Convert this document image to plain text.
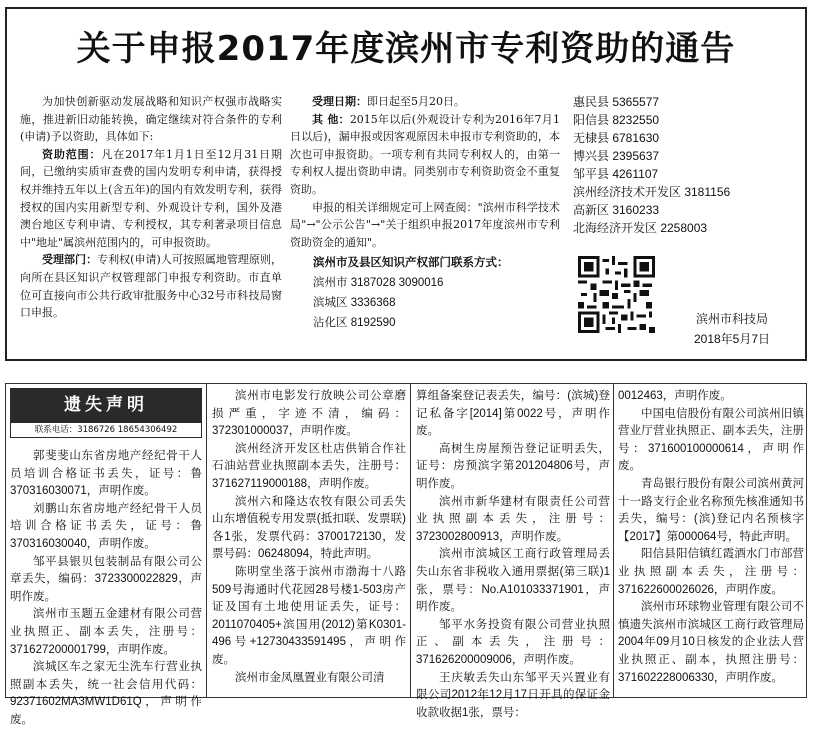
关于申报2017年度滨州市专利资助的通告

为加快创新驱动发展战略和知识产权强市战略实施，推进新旧动能转换，确定继续对符合条件的专利(申请)予以资助，具体如下:

资助范围：凡在2017年1月1日至12月31日期间，已缴纳实质审查费的国内发明专利申请，获得授权并维持五年以上(含五年)的国内有效发明专利，获得授权的国内实用新型专利、外观设计专利，国外及港澳台地区专利申请、专利授权，其专利著录项目信息中"地址"属滨州范围内的，可申报资助。

受理部门：专利权(申请)人可按照属地管理原则，向所在县区知识产权管理部门申报专利资助。市直单位可直接向市公共行政审批服务中心32号市科技局窗口申报。

受理日期：即日起至5月20日。

其 他：2015年以后(外观设计专利为2016年7月1日以后)，漏申报或因客观原因未申报市专利资助的，本次也可申报资助。一项专利有共同专利权人的，由第一专利权人提出资助申请。同类别市专利资助资金不重复资助。

申报的相关详细规定可上网查阅："滨州市科学技术局"→"公示公告"→"关于组织申报2017年度滨州市专利资助资金的通知"。

滨州市及县区知识产权部门联系方式：
滨州市 3187028 3090016
滨城区 3336368
沾化区 8192590
惠民县 5365577
阳信县 8232550
无棣县 6781630
博兴县 2395637
邹平县 4261107
滨州经济技术开发区 3181156
高新区 3160233
北海经济开发区 2258003
滨州市科技局
2018年5月7日
遗失声明
联系电话：3186726 18654306492
郭斐斐山东省房地产经纪骨干人员培训合格证书丢失，证号：鲁370316030071，声明作废。
刘鹏山东省房地产经纪骨干人员培训合格证书丢失，证号：鲁370316030040，声明作废。
邹平县银贝包装制品有限公司公章丢失，编码：3723300022829，声明作废。
滨州市玉题五金建材有限公司营业执照正、副本丢失，注册号：371627200001799，声明作废。
滨城区车之家无尘洗车行营业执照副本丢失，统一社会信用代码：92371602MA3MW1D61Q，声明作废。
滨州市电影发行放映公司公章磨损严重，字迹不清，编码：372301000037，声明作废。
滨州经济开发区杜店供销合作社石油站营业执照副本丢失，注册号：371627119000188，声明作废。
滨州六和隆达农牧有限公司丢失山东增值税专用发票(抵扣联、发票联)各1张，发票代码：3700172130，发票号码：06248094，特此声明。
陈明堂坐落于滨州市渤海十八路509号海通时代花园28号楼1-503房产证及国有土地使用证丢失，证号：2011070405+滨国用(2012)第K0301-496号+12730433591495，声明作废。
滨州市金凤凰置业有限公司清
算组备案登记表丢失，编号：(滨城)登记私备字[2014]第0022号，声明作废。
高树生房屋预告登记证明丢失，证号：房预滨字第201204806号，声明作废。
滨州市新华建材有限责任公司营业执照副本丢失，注册号：3723002800913，声明作废。
滨州市滨城区工商行政管理局丢失山东省非税收入通用票据(第三联)1张，票号：No.A101033371901，声明作废。
邹平水务投资有限公司营业执照正、副本丢失，注册号：371626200009006，声明作废。
王庆敏丢失山东邹平天兴置业有限公司2012年12月17日开具的保证金收款收据1张，票号：
0012463，声明作废。
中国电信股份有限公司滨州旧镇营业厅营业执照正、副本丢失，注册号：371600100000614，声明作废。
青岛银行股份有限公司滨州黄河十一路支行企业名称预先核准通知书丢失，编号：(滨)登记内名预核字【2017】第000064号，特此声明。
阳信县阳信镇红霞酒水门市部营业执照副本丢失，注册号：371622600026026，声明作废。
滨州市环球物业管理有限公司不慎遗失滨州市滨城区工商行政管理局2004年09月10日核发的企业法人营业执照正、副本，执照注册号：371602228006330，声明作废。
